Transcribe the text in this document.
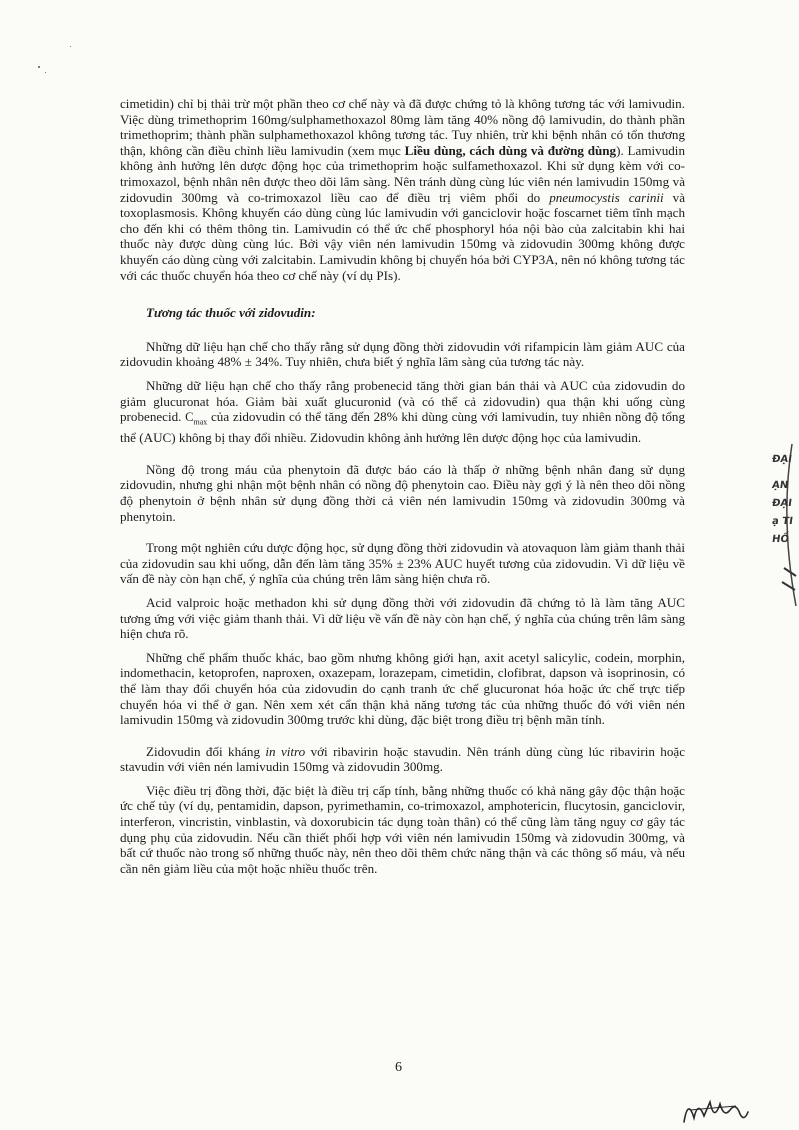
cimetidin) chỉ bị thải trừ một phần theo cơ chế này và đã được chứng tỏ là không tương tác với lamivudin. Việc dùng trimethoprim 160mg/sulphamethoxazol 80mg làm tăng 40% nồng độ lamivudin, do thành phần trimethoprim; thành phần sulphamethoxazol không tương tác. Tuy nhiên, trừ khi bệnh nhân có tổn thương thận, không cần điều chỉnh liều lamivudin (xem mục Liều dùng, cách dùng và đường dùng). Lamivudin không ảnh hưởng lên dược động học của trimethoprim hoặc sulfamethoxazol. Khi sử dụng kèm với co-trimoxazol, bệnh nhân nên được theo dõi lâm sàng. Nên tránh dùng cùng lúc viên nén lamivudin 150mg và zidovudin 300mg và co-trimoxazol liều cao để điều trị viêm phổi do pneumocystis carinii và toxoplasmosis. Không khuyến cáo dùng cùng lúc lamivudin với ganciclovir hoặc foscarnet tiêm tĩnh mạch cho đến khi có thêm thông tin. Lamivudin có thể ức chế phosphoryl hóa nội bào của zalcitabin khi hai thuốc này được dùng cùng lúc. Bởi vậy viên nén lamivudin 150mg và zidovudin 300mg không được khuyến cáo dùng cùng với zalcitabin. Lamivudin không bị chuyển hóa bởi CYP3A, nên nó không tương tác với các thuốc chuyển hóa theo cơ chế này (ví dụ PIs).

Tương tác thuốc với zidovudin:

Những dữ liệu hạn chế cho thấy rằng sử dụng đồng thời zidovudin với rifampicin làm giảm AUC của zidovudin khoảng 48% ± 34%. Tuy nhiên, chưa biết ý nghĩa lâm sàng của tương tác này.

Những dữ liệu hạn chế cho thấy rằng probenecid tăng thời gian bán thải và AUC của zidovudin do giảm glucuronat hóa. Giảm bài xuất glucuronid (và có thể cả zidovudin) qua thận khi uống cùng probenecid. $C_{max}$ của zidovudin có thể tăng đến 28% khi dùng cùng với lamivudin, tuy nhiên nồng độ tổng thể (AUC) không bị thay đổi nhiều. Zidovudin không ảnh hưởng lên dược động học của lamivudin.

Nồng độ trong máu của phenytoin đã được báo cáo là thấp ở những bệnh nhân đang sử dụng zidovudin, nhưng ghi nhận một bệnh nhân có nồng độ phenytoin cao. Điều này gợi ý là nên theo dõi nồng độ phenytoin ở bệnh nhân sử dụng đồng thời cả viên nén lamivudin 150mg và zidovudin 300mg và phenytoin.

Trong một nghiên cứu dược động học, sử dụng đồng thời zidovudin và atovaquon làm giảm thanh thải của zidovudin sau khi uống, dẫn đến làm tăng 35% ± 23% AUC huyết tương của zidovudin. Vì dữ liệu về vấn đề này còn hạn chế, ý nghĩa của chúng trên lâm sàng hiện chưa rõ.

Acid valproic hoặc methadon khi sử dụng đồng thời với zidovudin đã chứng tỏ là làm tăng AUC tương ứng với việc giảm thanh thải. Vì dữ liệu về vấn đề này còn hạn chế, ý nghĩa của chúng trên lâm sàng hiện chưa rõ.

Những chế phẩm thuốc khác, bao gồm nhưng không giới hạn, axit acetyl salicylic, codein, morphin, indomethacin, ketoprofen, naproxen, oxazepam, lorazepam, cimetidin, clofibrat, dapson và isoprinosin, có thể làm thay đổi chuyển hóa của zidovudin do cạnh tranh ức chế glucuronat hóa hoặc ức chế trực tiếp chuyển hóa vi thể ở gan. Nên xem xét cẩn thận khả năng tương tác của những thuốc đó với viên nén lamivudin 150mg và zidovudin 300mg trước khi dùng, đặc biệt trong điều trị bệnh mãn tính.

Zidovudin đối kháng in vitro với ribavirin hoặc stavudin. Nên tránh dùng cùng lúc ribavirin hoặc stavudin với viên nén lamivudin 150mg và zidovudin 300mg.

Việc điều trị đồng thời, đặc biệt là điều trị cấp tính, bằng những thuốc có khả năng gây độc thận hoặc ức chế tủy (ví dụ, pentamidin, dapson, pyrimethamin, co-trimoxazol, amphotericin, flucytosin, ganciclovir, interferon, vincristin, vinblastin, và doxorubicin tác dụng toàn thân) có thể cũng làm tăng nguy cơ gây tác dụng phụ của zidovudin. Nếu cần thiết phối hợp với viên nén lamivudin 150mg và zidovudin 300mg, và bất cứ thuốc nào trong số những thuốc này, nên theo dõi thêm chức năng thận và các thông số máu, và nếu cần nên giảm liều của một hoặc nhiều thuốc trên.

6
ĐẠI
ẠN
ĐẠI
ạ TI
HỐ
